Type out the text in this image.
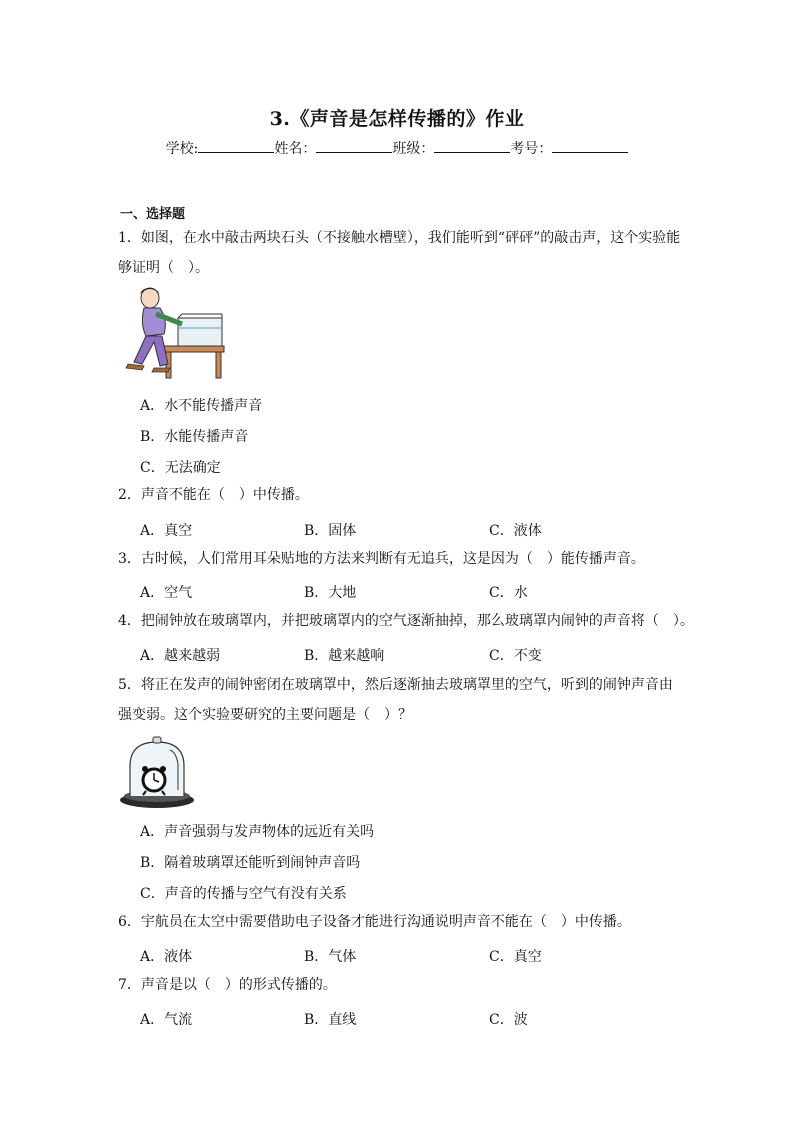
3.《声音是怎样传播的》作业
学校:	姓名：	班级：	考号：
一、选择题
1．如图，在水中敲击两块石头（不接触水槽壁），我们能听到“砰砰”的敲击声，这个实验能
够证明（　）。
A．水不能传播声音
B．水能传播声音
C．无法确定
2．声音不能在（　）中传播。
A．真空	B．固体	C．液体
3．古时候，人们常用耳朵贴地的方法来判断有无追兵，这是因为（　）能传播声音。
A．空气	B．大地	C．水
4．把闹钟放在玻璃罩内，并把玻璃罩内的空气逐渐抽掉，那么玻璃罩内闹钟的声音将（　）。
A．越来越弱	B．越来越响	C．不变
5．将正在发声的闹钟密闭在玻璃罩中，然后逐渐抽去玻璃罩里的空气，听到的闹钟声音由
强变弱。这个实验要研究的主要问题是（　）？
A．声音强弱与发声物体的远近有关吗
B．隔着玻璃罩还能听到闹钟声音吗
C．声音的传播与空气有没有关系
6．宇航员在太空中需要借助电子设备才能进行沟通说明声音不能在（　）中传播。
A．液体	B．气体	C．真空
7．声音是以（　）的形式传播的。
A．气流	B．直线	C．波
